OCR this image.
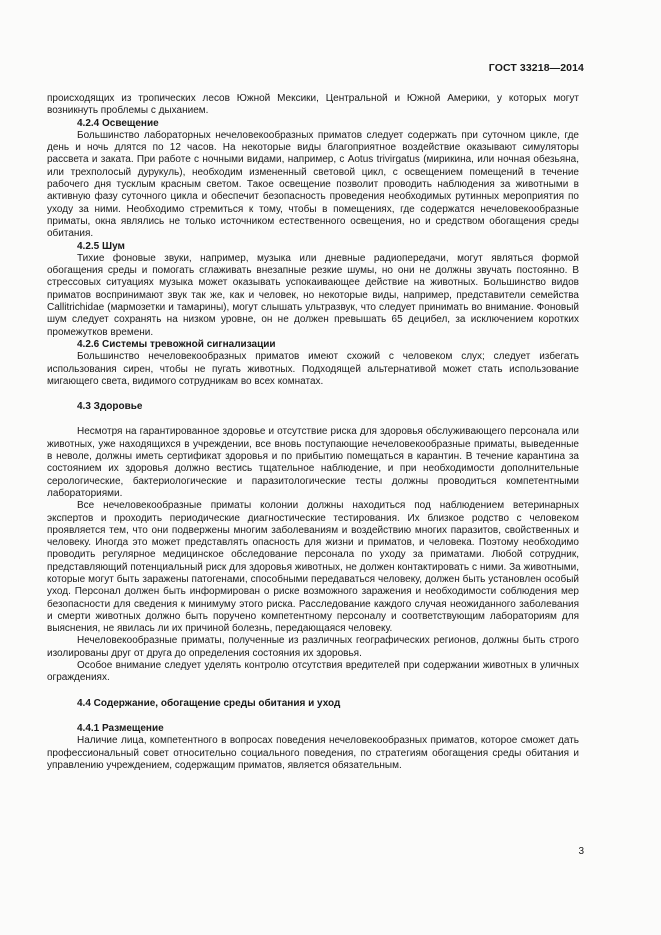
ГОСТ 33218—2014

происходящих из тропических лесов Южной Мексики, Центральной и Южной Америки, у которых могут возникнуть проблемы с дыханием.

4.2.4 Освещение

Большинство лабораторных нечеловекообразных приматов следует содержать при суточном цикле, где день и ночь длятся по 12 часов. На некоторые виды благоприятное воздействие оказывают симуляторы рассвета и заката. При работе с ночными видами, например, с Aotus trivirgatus (мирикина, или ночная обезьяна, или трехполосый дурукуль), необходим измененный световой цикл, с освещением помещений в течение рабочего дня тусклым красным светом. Такое освещение позволит проводить наблюдения за животными в активную фазу суточного цикла и обеспечит безопасность проведения необходимых рутинных мероприятия по уходу за ними. Необходимо стремиться к тому, чтобы в помещениях, где содержатся нечеловекообразные приматы, окна являлись не только источником естественного освещения, но и средством обогащения среды обитания.

4.2.5 Шум

Тихие фоновые звуки, например, музыка или дневные радиопередачи, могут являться формой обогащения среды и помогать сглаживать внезапные резкие шумы, но они не должны звучать постоянно. В стрессовых ситуациях музыка может оказывать успокаивающее действие на животных. Большинство видов приматов воспринимают звук так же, как и человек, но некоторые виды, например, представители семейства Callitrichidae (мармозетки и тамарины), могут слышать ультразвук, что следует принимать во внимание. Фоновый шум следует сохранять на низком уровне, он не должен превышать 65 децибел, за исключением коротких промежутков времени.

4.2.6 Системы тревожной сигнализации

Большинство нечеловекообразных приматов имеют схожий с человеком слух; следует избегать использования сирен, чтобы не пугать животных. Подходящей альтернативой может стать использование мигающего света, видимого сотрудникам во всех комнатах.

4.3 Здоровье

Несмотря на гарантированное здоровье и отсутствие риска для здоровья обслуживающего персонала или животных, уже находящихся в учреждении, все вновь поступающие нечеловекообразные приматы, выведенные в неволе, должны иметь сертификат здоровья и по прибытию помещаться в карантин. В течение карантина за состоянием их здоровья должно вестись тщательное наблюдение, и при необходимости дополнительные серологические, бактериологические и паразитологические тесты должны проводиться компетентными лабораториями.

Все нечеловекообразные приматы колонии должны находиться под наблюдением ветеринарных экспертов и проходить периодические диагностические тестирования. Их близкое родство с человеком проявляется тем, что они подвержены многим заболеваниям и воздействию многих паразитов, свойственных и человеку. Иногда это может представлять опасность для жизни и приматов, и человека. Поэтому необходимо проводить регулярное медицинское обследование персонала по уходу за приматами. Любой сотрудник, представляющий потенциальный риск для здоровья животных, не должен контактировать с ними. За животными, которые могут быть заражены патогенами, способными передаваться человеку, должен быть установлен особый уход. Персонал должен быть информирован о риске возможного заражения и необходимости соблюдения мер безопасности для сведения к минимуму этого риска. Расследование каждого случая неожиданного заболевания и смерти животных должно быть поручено компетентному персоналу и соответствующим лабораториям для выяснения, не явилась ли их причиной болезнь, передающаяся человеку.

Нечеловекообразные приматы, полученные из различных географических регионов, должны быть строго изолированы друг от друга до определения состояния их здоровья.

Особое внимание следует уделять контролю отсутствия вредителей при содержании животных в уличных ограждениях.

4.4 Содержание, обогащение среды обитания и уход
4.4.1 Размещение

Наличие лица, компетентного в вопросах поведения нечеловекообразных приматов, которое сможет дать профессиональный совет относительно социального поведения, по стратегиям обогащения среды обитания и управлению учреждением, содержащим приматов, является обязательным.

3
